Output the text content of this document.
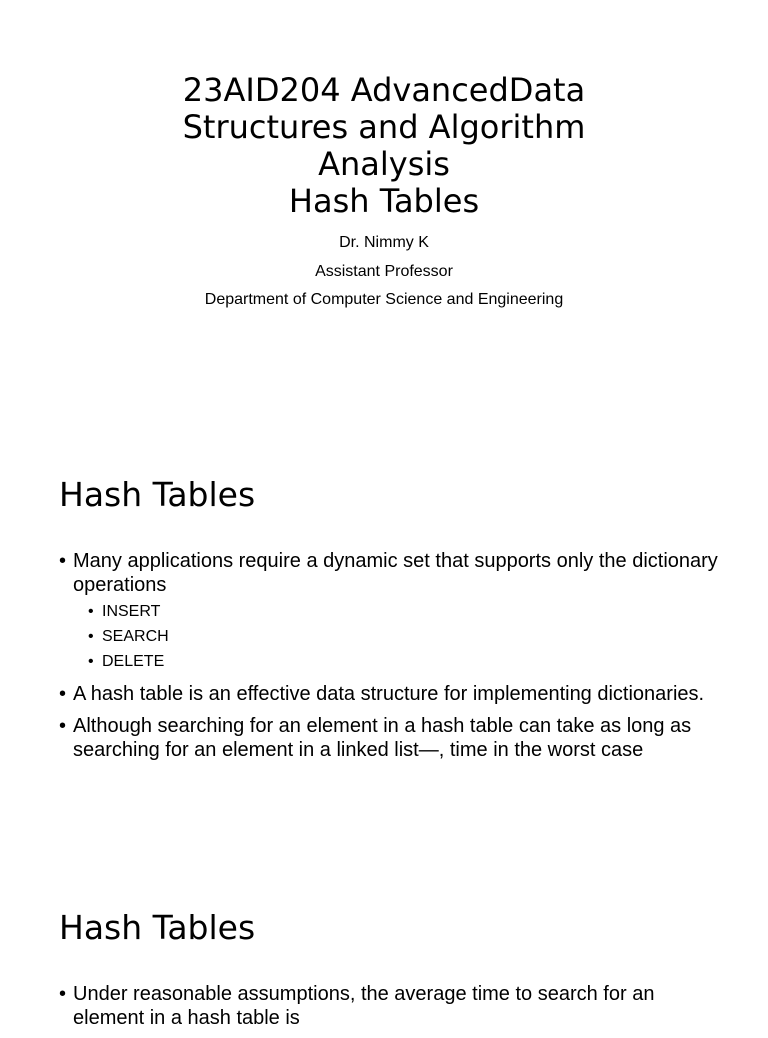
23AID204 AdvancedData
Structures and Algorithm
Analysis
Hash Tables
Dr. Nimmy K
Assistant Professor
Department of Computer Science and Engineering
Hash Tables
• Many applications require a dynamic set that supports only the dictionary operations
• INSERT
• SEARCH
• DELETE
• A hash table is an effective data structure for implementing dictionaries.
• Although searching for an element in a hash table can take as long as searching for an element in a linked list—, time in the worst case
Hash Tables
• Under reasonable assumptions, the average time to search for an element in a hash table is
